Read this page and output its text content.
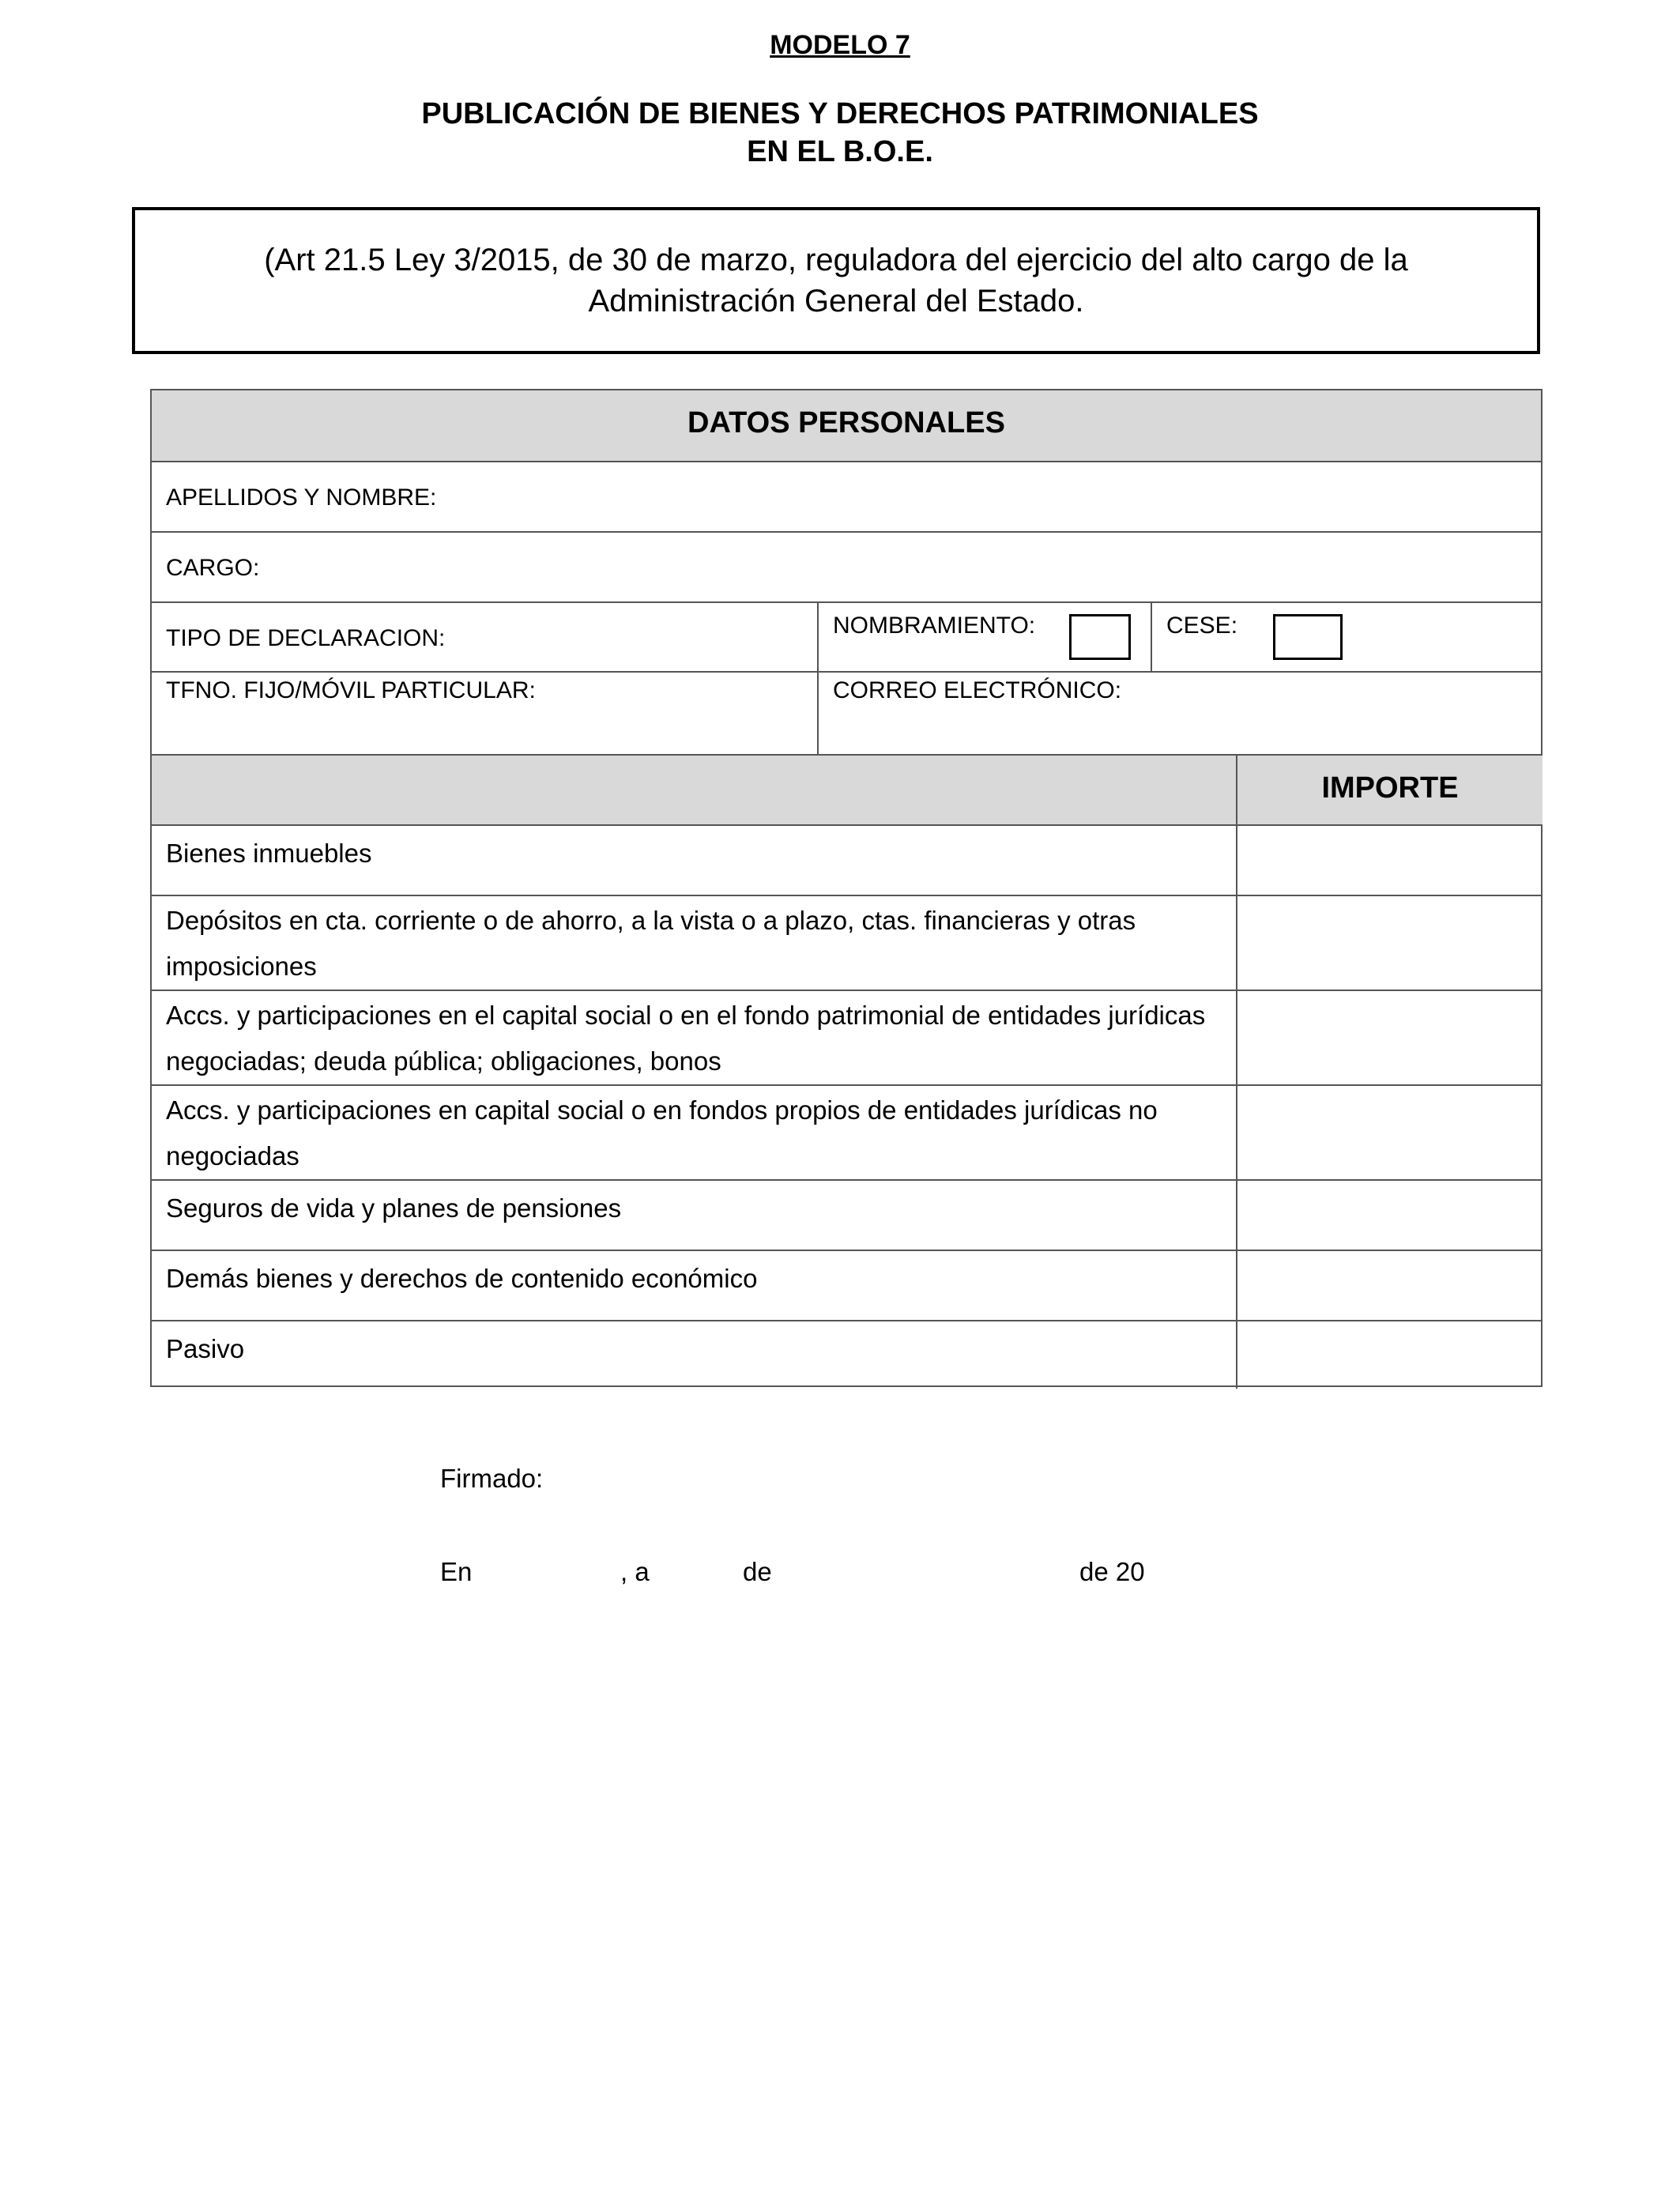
MODELO 7
PUBLICACIÓN DE BIENES Y DERECHOS PATRIMONIALES
EN EL B.O.E.
(Art 21.5 Ley 3/2015, de 30 de marzo, reguladora del ejercicio del alto cargo de la Administración General del Estado.
DATOS PERSONALES
APELLIDOS Y NOMBRE:
CARGO:
TIPO DE DECLARACION:	NOMBRAMIENTO:	CESE:
TFNO. FIJO/MÓVIL PARTICULAR:	CORREO ELECTRÓNICO:
IMPORTE
Bienes inmuebles
Depósitos en cta. corriente o de ahorro, a la vista o a plazo, ctas. financieras y otras imposiciones
Accs. y participaciones en el capital social o en el fondo patrimonial de entidades jurídicas negociadas; deuda pública; obligaciones, bonos
Accs. y participaciones en capital social o en fondos propios de entidades jurídicas no negociadas
Seguros de vida y planes de pensiones
Demás bienes y derechos de contenido económico
Pasivo
Firmado:
En	, a	de	de 20
